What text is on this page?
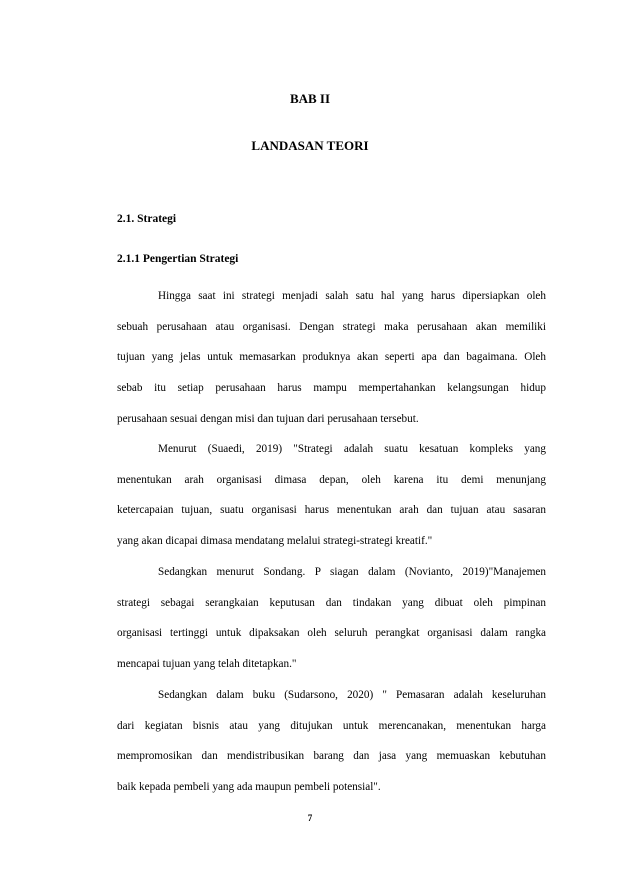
BAB II
LANDASAN TEORI
2.1. Strategi
2.1.1 Pengertian Strategi
Hingga saat ini strategi menjadi salah satu hal yang harus dipersiapkan oleh
sebuah perusahaan atau organisasi. Dengan strategi maka perusahaan akan memiliki
tujuan yang jelas untuk memasarkan produknya akan seperti apa dan bagaimana. Oleh
sebab itu setiap perusahaan harus mampu mempertahankan kelangsungan hidup
perusahaan sesuai dengan misi dan tujuan dari perusahaan tersebut.
Menurut (Suaedi, 2019) "Strategi adalah suatu kesatuan kompleks yang
menentukan arah organisasi dimasa depan, oleh karena itu demi menunjang
ketercapaian tujuan, suatu organisasi harus menentukan arah dan tujuan atau sasaran
yang akan dicapai dimasa mendatang melalui strategi-strategi kreatif."
Sedangkan menurut Sondang. P siagan dalam (Novianto, 2019)"Manajemen
strategi sebagai serangkaian keputusan dan tindakan yang dibuat oleh pimpinan
organisasi tertinggi untuk dipaksakan oleh seluruh perangkat organisasi dalam rangka
mencapai tujuan yang telah ditetapkan."
Sedangkan dalam buku (Sudarsono, 2020) " Pemasaran adalah keseluruhan
dari kegiatan bisnis atau yang ditujukan untuk merencanakan, menentukan harga
mempromosikan dan mendistribusikan barang dan jasa yang memuaskan kebutuhan
baik kepada pembeli yang ada maupun pembeli potensial".
7
